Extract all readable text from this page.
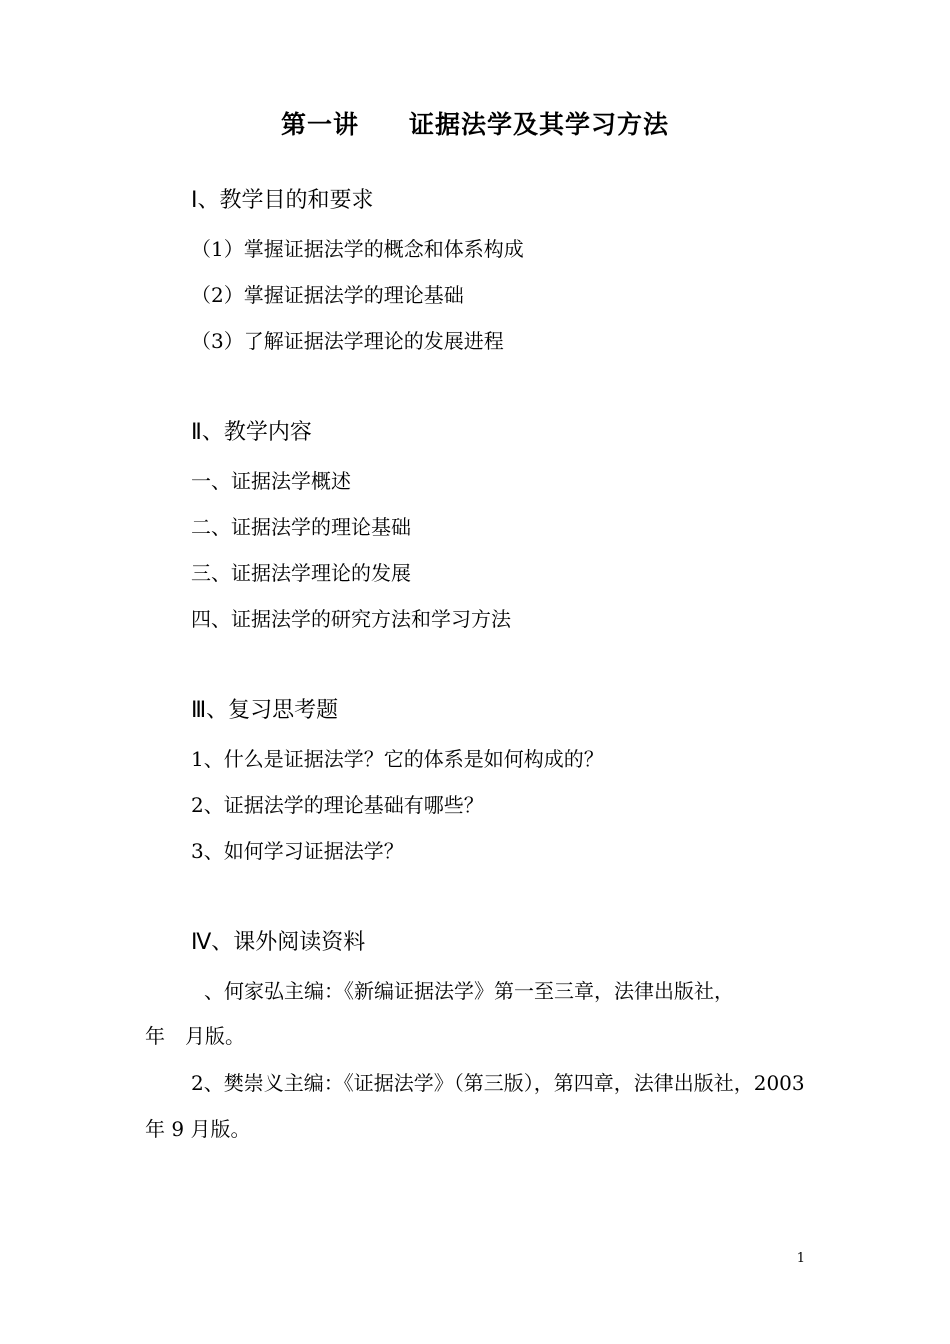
第一讲 证据法学及其学习方法
Ⅰ、教学目的和要求
（1）掌握证据法学的概念和体系构成
（2）掌握证据法学的理论基础
（3）了解证据法学理论的发展进程
Ⅱ、教学内容
一、证据法学概述
二、证据法学的理论基础
三、证据法学理论的发展
四、证据法学的研究方法和学习方法
Ⅲ、复习思考题
1、什么是证据法学？它的体系是如何构成的？
2、证据法学的理论基础有哪些？
3、如何学习证据法学？
Ⅳ、课外阅读资料
、何家弘主编：《新编证据法学》第一至三章，法律出版社，
年　月版。
2、樊崇义主编：《证据法学》（第三版），第四章，法律出版社，2003
年 9 月版。
1
